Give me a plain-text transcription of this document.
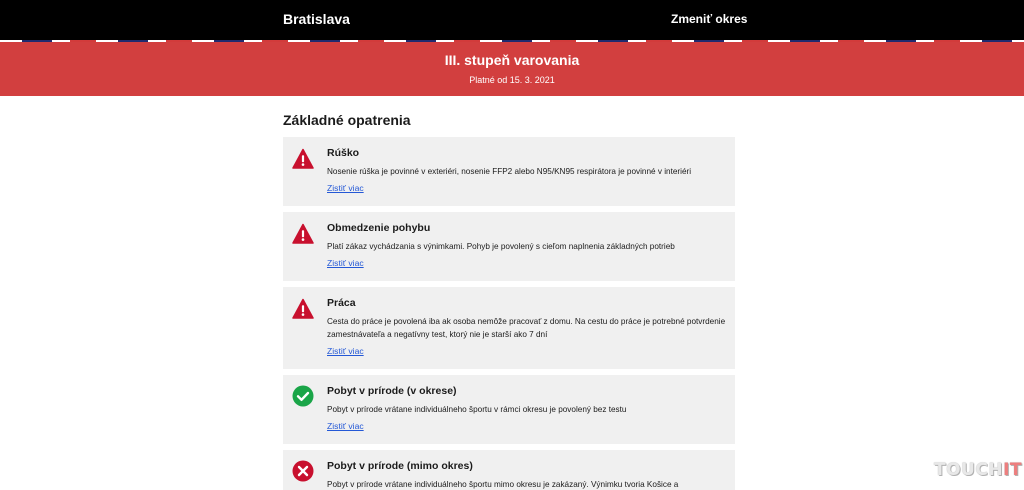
Bratislava	Zmeniť okres
III. stupeň varovania
Platné od 15. 3. 2021
Základné opatrenia
Rúško
Nosenie rúška je povinné v exteriéri, nosenie FFP2 alebo N95/KN95 respirátora je povinné v interiéri
Zistiť viac
Obmedzenie pohybu
Platí zákaz vychádzania s výnimkami. Pohyb je povolený s cieľom naplnenia základných potrieb
Zistiť viac
Práca
Cesta do práce je povolená iba ak osoba nemôže pracovať z domu. Na cestu do práce je potrebné potvrdenie zamestnávateľa a negatívny test, ktorý nie je starší ako 7 dní
Zistiť viac
Pobyt v prírode (v okrese)
Pobyt v prírode vrátane individuálneho športu v rámci okresu je povolený bez testu
Zistiť viac
Pobyt v prírode (mimo okres)
Pobyt v prírode vrátane individuálneho športu mimo okresu je zakázaný. Výnimku tvoria Košice a
TOUCHIT
